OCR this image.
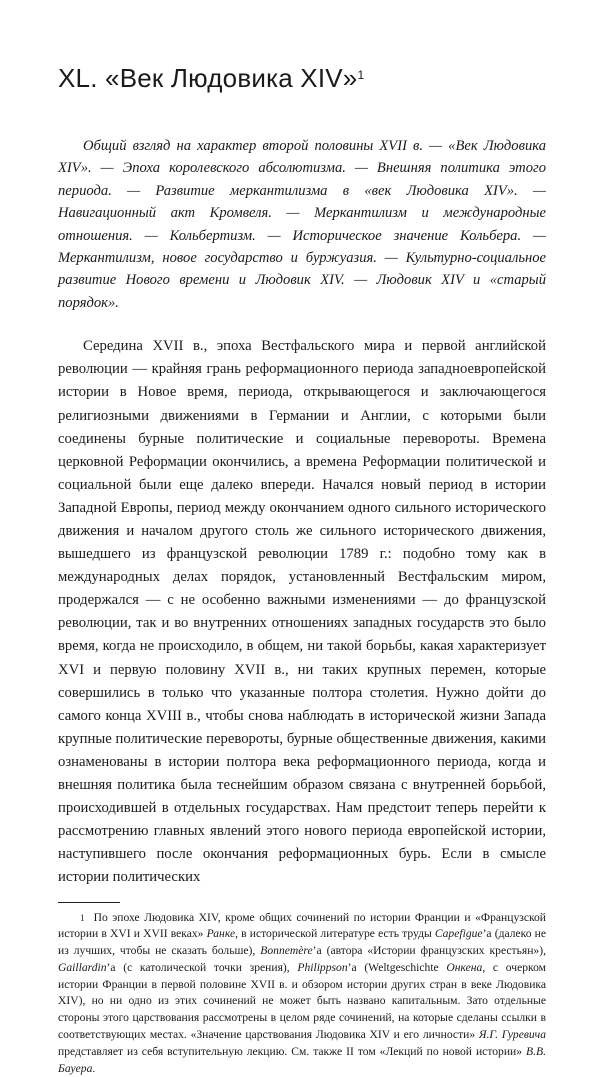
XL. «Век Людовика XIV»$^1$

Общий взгляд на характер второй половины XVII в. — «Век Людовика XIV». — Эпоха королевского абсолютизма. — Внешняя политика этого периода. — Развитие меркантилизма в «век Людовика XIV». — Навигационный акт Кромвеля. — Меркантилизм и международные отношения. — Кольбертизм. — Историческое значение Кольбера. — Меркантилизм, новое государство и буржуазия. — Культурно-социальное развитие Нового времени и Людовик XIV. — Людовик XIV и «старый порядок».

Середина XVII в., эпоха Вестфальского мира и первой английской революции — крайняя грань реформационного периода западноевропейской истории в Новое время, периода, открывающегося и заключающегося религиозными движениями в Германии и Англии, с которыми были соединены бурные политические и социальные перевороты. Времена церковной Реформации окончились, а времена Реформации политической и социальной были еще далеко впереди. Начался новый период в истории Западной Европы, период между окончанием одного сильного исторического движения и началом другого столь же сильного исторического движения, вышедшего из французской революции 1789 г.: подобно тому как в международных делах порядок, установленный Вестфальским миром, продержался — с не особенно важными изменениями — до французской революции, так и во внутренних отношениях западных государств это было время, когда не происходило, в общем, ни такой борьбы, какая характеризует XVI и первую половину XVII в., ни таких крупных перемен, которые совершились в только что указанные полтора столетия. Нужно дойти до самого конца XVIII в., чтобы снова наблюдать в исторической жизни Запада крупные политические перевороты, бурные общественные движения, какими ознаменованы в истории полтора века реформационного периода, когда и внешняя политика была теснейшим образом связана с внутренней борьбой, происходившей в отдельных государствах. Нам предстоит теперь перейти к рассмотрению главных явлений этого нового периода европейской истории, наступившего после окончания реформационных бурь. Если в смысле истории политических

$^1$ По эпохе Людовика XIV, кроме общих сочинений по истории Франции и «Французской истории в XVI и XVII веках» Ранке, в исторической литературе есть труды Capefigue’а (далеко не из лучших, чтобы не сказать больше), Bonnemère’а (автора «Истории французских крестьян»), Gaillardin’а (с католической точки зрения), Philippson’а (Weltgeschichte Онкена, с очерком истории Франции в первой половине XVII в. и обзором истории других стран в веке Людовика XIV), но ни одно из этих сочинений не может быть названо капитальным. Зато отдельные стороны этого царствования рассмотрены в целом ряде сочинений, на которые сделаны ссылки в соответствующих местах. «Значение царствования Людовика XIV и его личности» Я.Г. Гуревича представляет из себя вступительную лекцию. См. также II том «Лекций по новой истории» В.В. Бауера.
